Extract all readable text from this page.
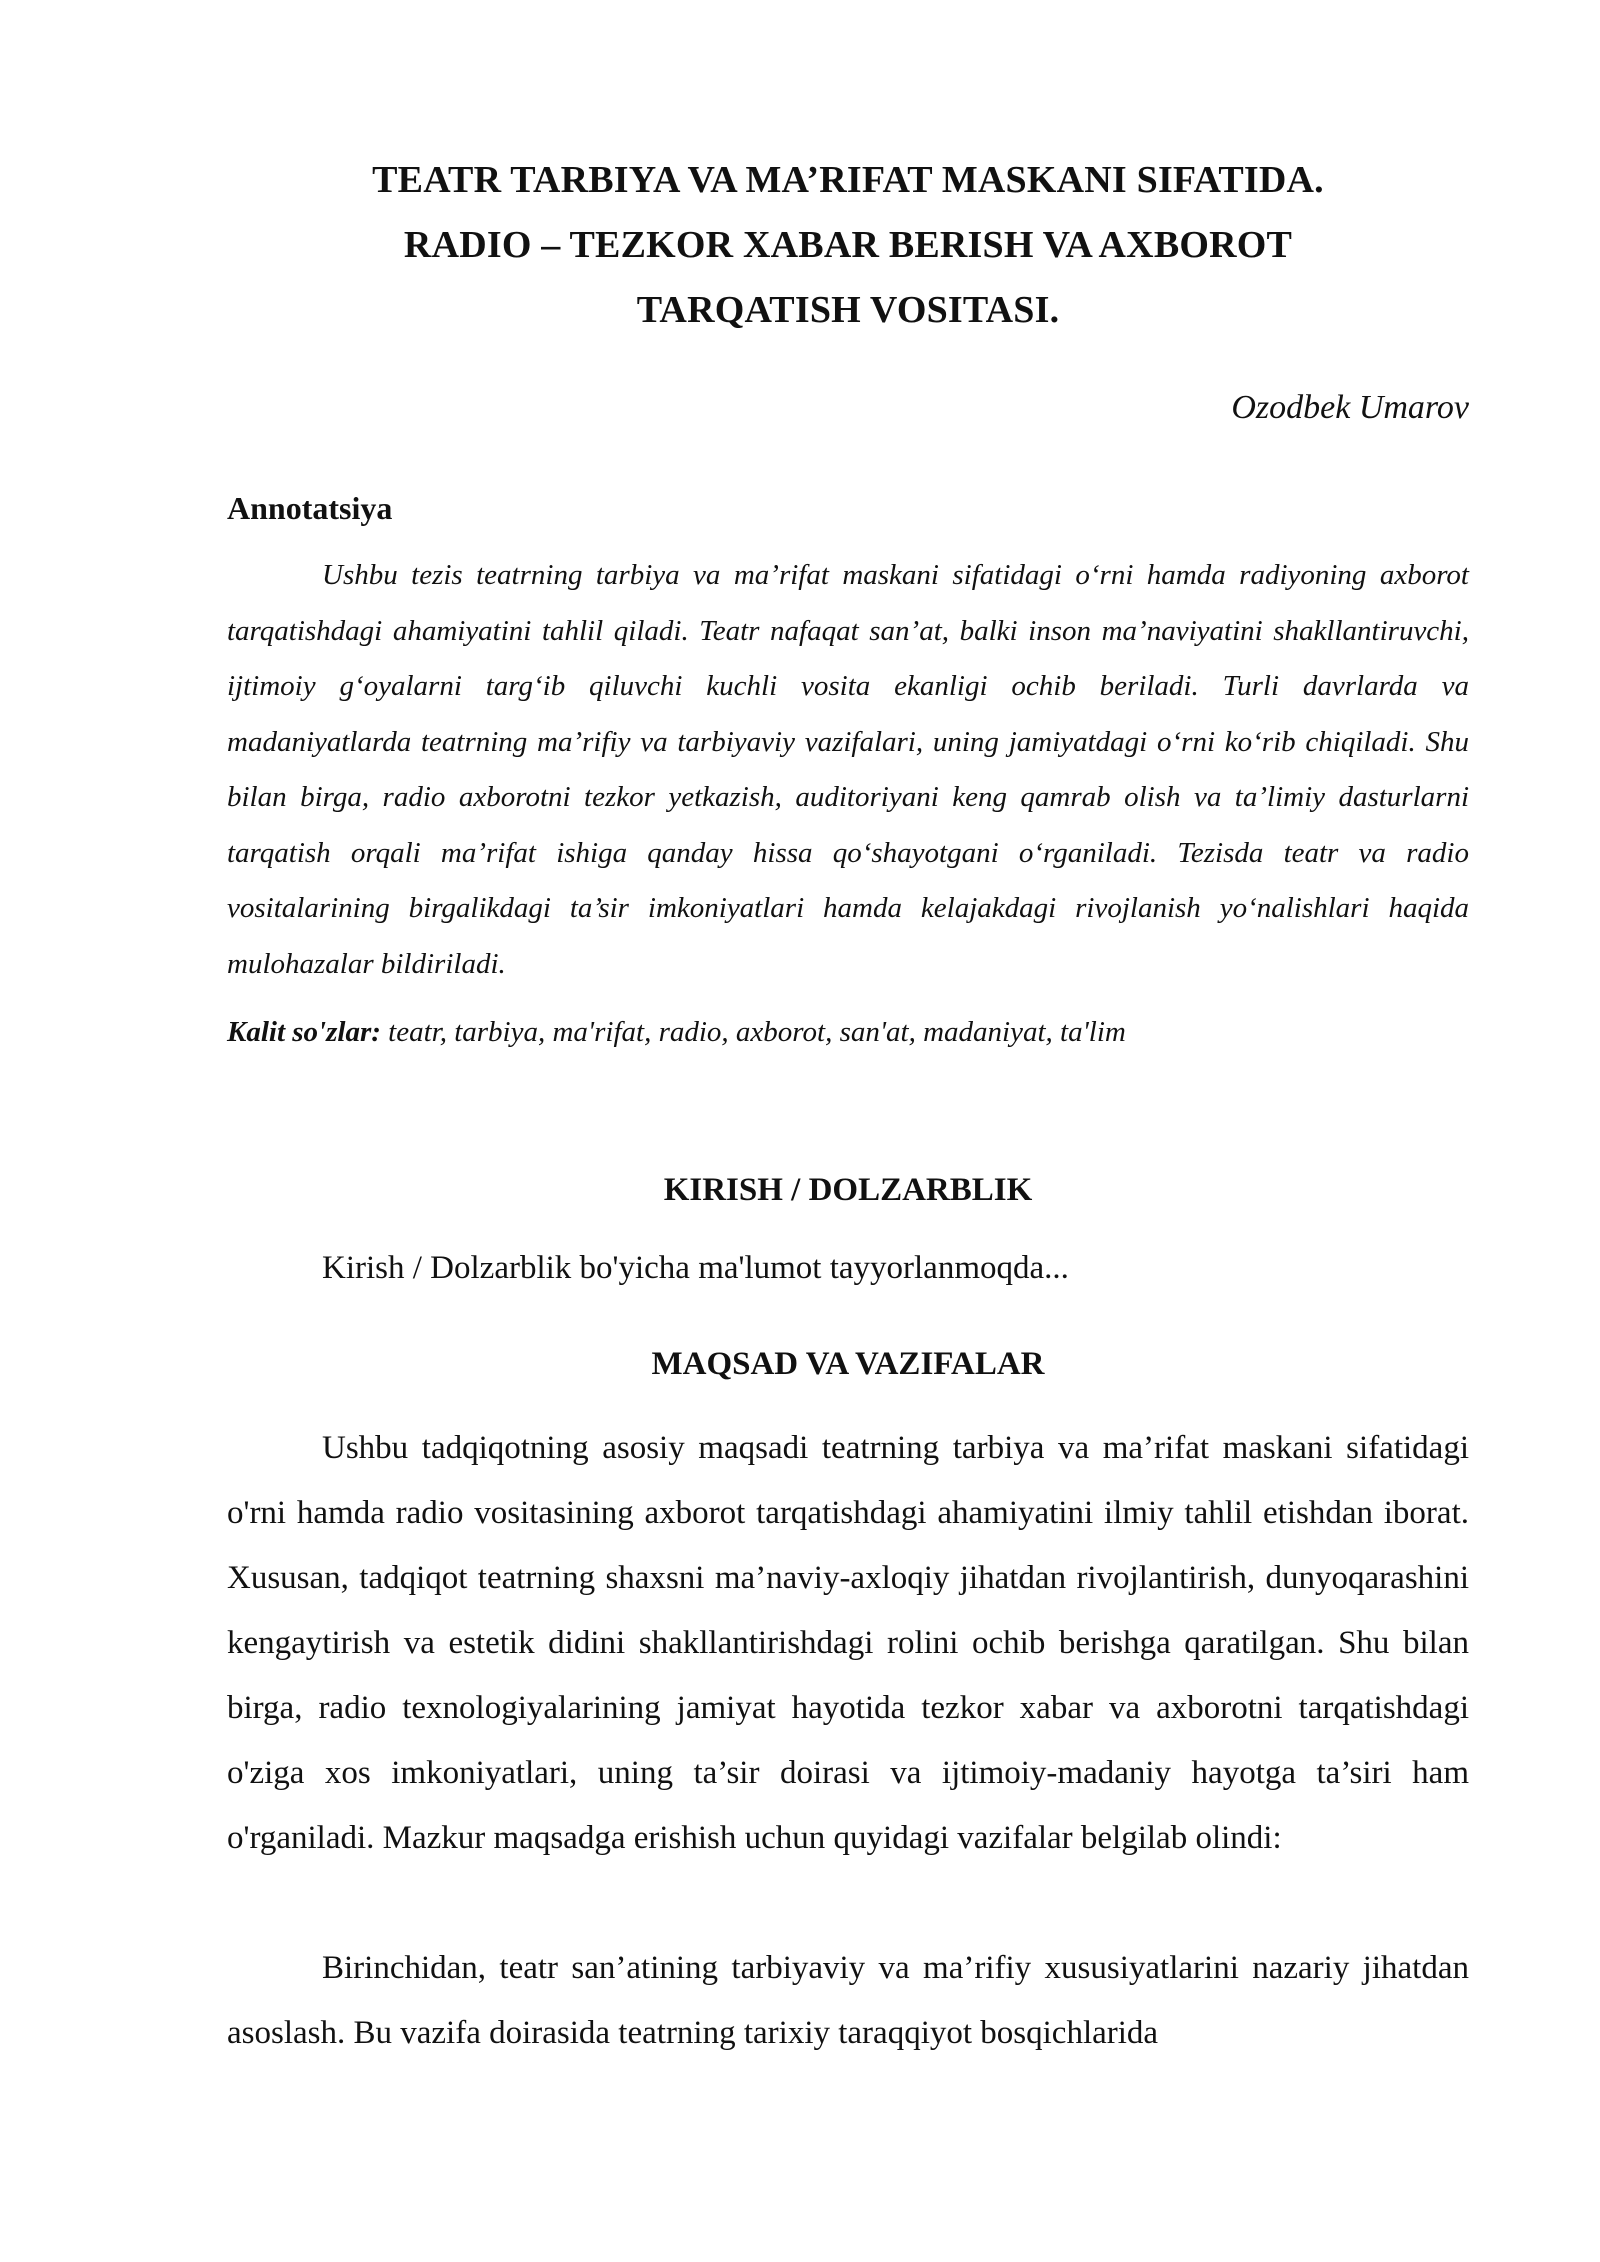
TEATR TARBIYA VA MA’RIFAT MASKANI SIFATIDA.
RADIO – TEZKOR XABAR BERISH VA AXBOROT
TARQATISH VOSITASI.
Ozodbek Umarov
Annotatsiya

Ushbu tezis teatrning tarbiya va ma’rifat maskani sifatidagi o‘rni hamda radiyoning axborot tarqatishdagi ahamiyatini tahlil qiladi. Teatr nafaqat san’at, balki inson ma’naviyatini shakllantiruvchi, ijtimoiy g‘oyalarni targ‘ib qiluvchi kuchli vosita ekanligi ochib beriladi. Turli davrlarda va madaniyatlarda teatrning ma’rifiy va tarbiyaviy vazifalari, uning jamiyatdagi o‘rni ko‘rib chiqiladi. Shu bilan birga, radio axborotni tezkor yetkazish, auditoriyani keng qamrab olish va ta’limiy dasturlarni tarqatish orqali ma’rifat ishiga qanday hissa qo‘shayotgani o‘rganiladi. Tezisda teatr va radio vositalarining birgalikdagi ta’sir imkoniyatlari hamda kelajakdagi rivojlanish yo‘nalishlari haqida mulohazalar bildiriladi.

Kalit so'zlar: teatr, tarbiya, ma'rifat, radio, axborot, san'at, madaniyat, ta'lim
KIRISH / DOLZARBLIK
Kirish / Dolzarblik bo'yicha ma'lumot tayyorlanmoqda...
MAQSAD VA VAZIFALAR

Ushbu tadqiqotning asosiy maqsadi teatrning tarbiya va ma’rifat maskani sifatidagi o'rni hamda radio vositasining axborot tarqatishdagi ahamiyatini ilmiy tahlil etishdan iborat. Xususan, tadqiqot teatrning shaxsni ma’naviy-axloqiy jihatdan rivojlantirish, dunyoqarashini kengaytirish va estetik didini shakllantirishdagi rolini ochib berishga qaratilgan. Shu bilan birga, radio texnologiyalarining jamiyat hayotida tezkor xabar va axborotni tarqatishdagi o'ziga xos imkoniyatlari, uning ta’sir doirasi va ijtimoiy-madaniy hayotga ta’siri ham o'rganiladi. Mazkur maqsadga erishish uchun quyidagi vazifalar belgilab olindi:

Birinchidan, teatr san’atining tarbiyaviy va ma’rifiy xususiyatlarini nazariy jihatdan asoslash. Bu vazifa doirasida teatrning tarixiy taraqqiyot bosqichlarida
